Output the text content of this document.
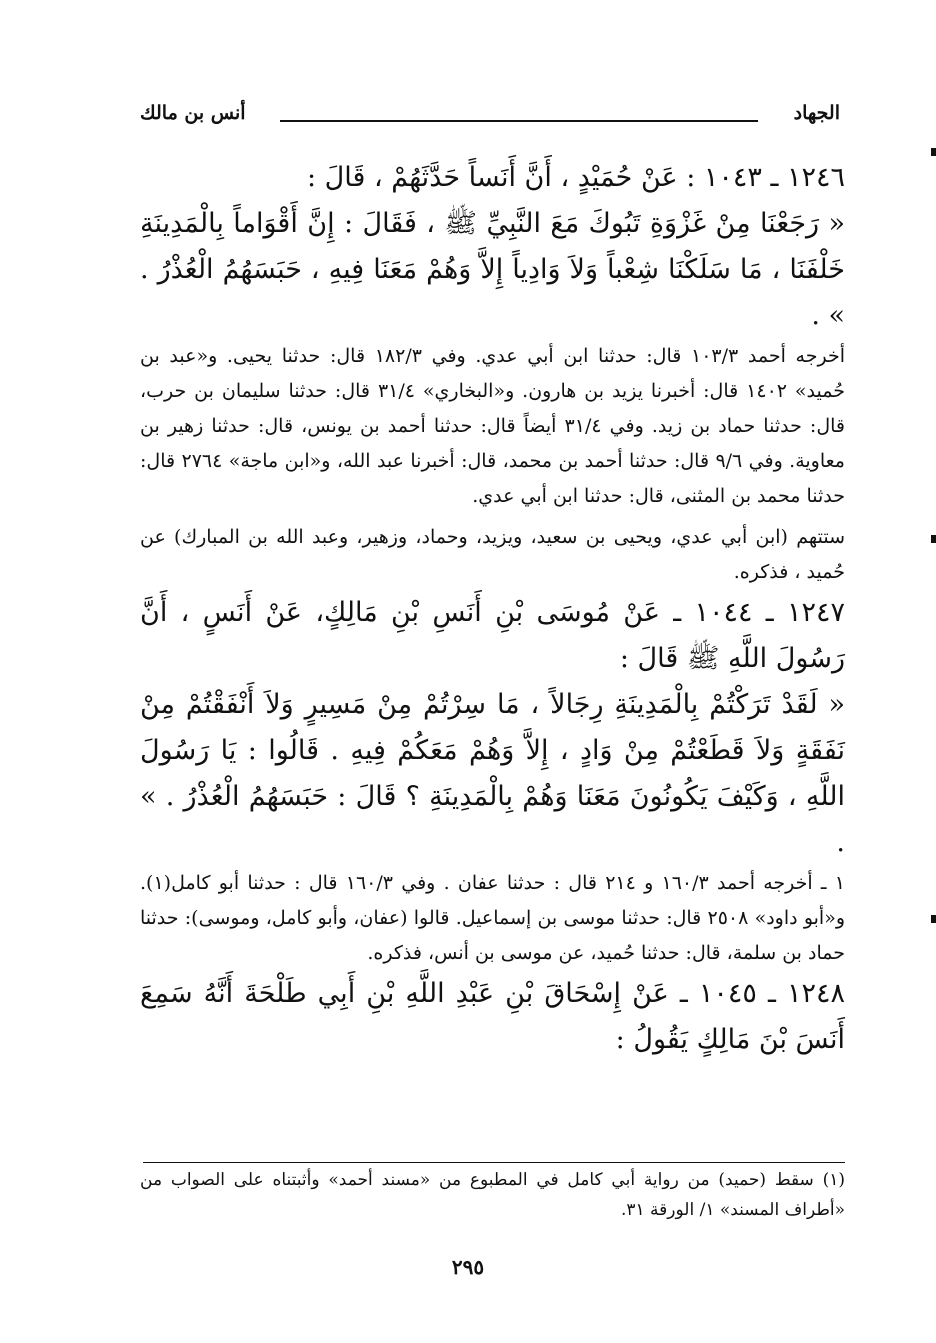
الجهاد
أنس بن مالك

١٢٤٦ ـ ١٠٤٣ : عَنْ حُمَيْدٍ ، أَنَّ أَنَساً حَدَّثَهُمْ ، قَالَ :

« رَجَعْنَا مِنْ غَزْوَةِ تَبُوكَ مَعَ النَّبِيِّ ﷺ ، فَقَالَ : إِنَّ أَقْوَاماً بِالْمَدِينَةِ خَلْفَنَا ، مَا سَلَكْنَا شِعْباً وَلاَ وَادِياً إِلاَّ وَهُمْ مَعَنَا فِيهِ ، حَبَسَهُمُ الْعُذْرُ . » .

أخرجه أحمد ١٠٣/٣ قال: حدثنا ابن أبي عدي. وفي ١٨٢/٣ قال: حدثنا يحيى. و«عبد بن حُميد» ١٤٠٢ قال: أخبرنا يزيد بن هارون. و«البخاري» ٣١/٤ قال: حدثنا سليمان بن حرب، قال: حدثنا حماد بن زيد. وفي ٣١/٤ أيضاً قال: حدثنا أحمد بن يونس، قال: حدثنا زهير بن معاوية. وفي ٩/٦ قال: حدثنا أحمد بن محمد، قال: أخبرنا عبد الله، و«ابن ماجة» ٢٧٦٤ قال: حدثنا محمد بن المثنى، قال: حدثنا ابن أبي عدي.

ستتهم (ابن أبي عدي، ويحيى بن سعيد، ويزيد، وحماد، وزهير، وعبد الله بن المبارك) عن حُميد ، فذكره.

١٢٤٧ ـ ١٠٤٤ ـ عَنْ مُوسَى بْنِ أَنَسِ بْنِ مَالِكٍ، عَنْ أَنَسٍ ، أَنَّ رَسُولَ اللَّهِ ﷺ قَالَ :

« لَقَدْ تَرَكْتُمْ بِالْمَدِينَةِ رِجَالاً ، مَا سِرْتُمْ مِنْ مَسِيرٍ وَلاَ أَنْفَقْتُمْ مِنْ نَفَقَةٍ وَلاَ قَطَعْتُمْ مِنْ وَادٍ ، إِلاَّ وَهُمْ مَعَكُمْ فِيهِ . قَالُوا : يَا رَسُولَ اللَّهِ ، وَكَيْفَ يَكُونُونَ مَعَنَا وَهُمْ بِالْمَدِينَةِ ؟ قَالَ : حَبَسَهُمُ الْعُذْرُ . » .

١ ـ أخرجه أحمد ١٦٠/٣ و ٢١٤ قال : حدثنا عفان . وفي ١٦٠/٣ قال : حدثنا أبو كامل(١). و«أبو داود» ٢٥٠٨ قال: حدثنا موسى بن إسماعيل. قالوا (عفان، وأبو كامل، وموسى): حدثنا حماد بن سلمة، قال: حدثنا حُميد، عن موسى بن أنس، فذكره.

١٢٤٨ ـ ١٠٤٥ ـ عَنْ إِسْحَاقَ بْنِ عَبْدِ اللَّهِ بْنِ أَبِي طَلْحَةَ أَنَّهُ سَمِعَ أَنَسَ بْنَ مَالِكٍ يَقُولُ :

(١) سقط (حميد) من رواية أبي كامل في المطبوع من «مسند أحمد» وأثبتناه على الصواب من «أطراف المسند» ١/ الورقة ٣١.

٢٩٥
